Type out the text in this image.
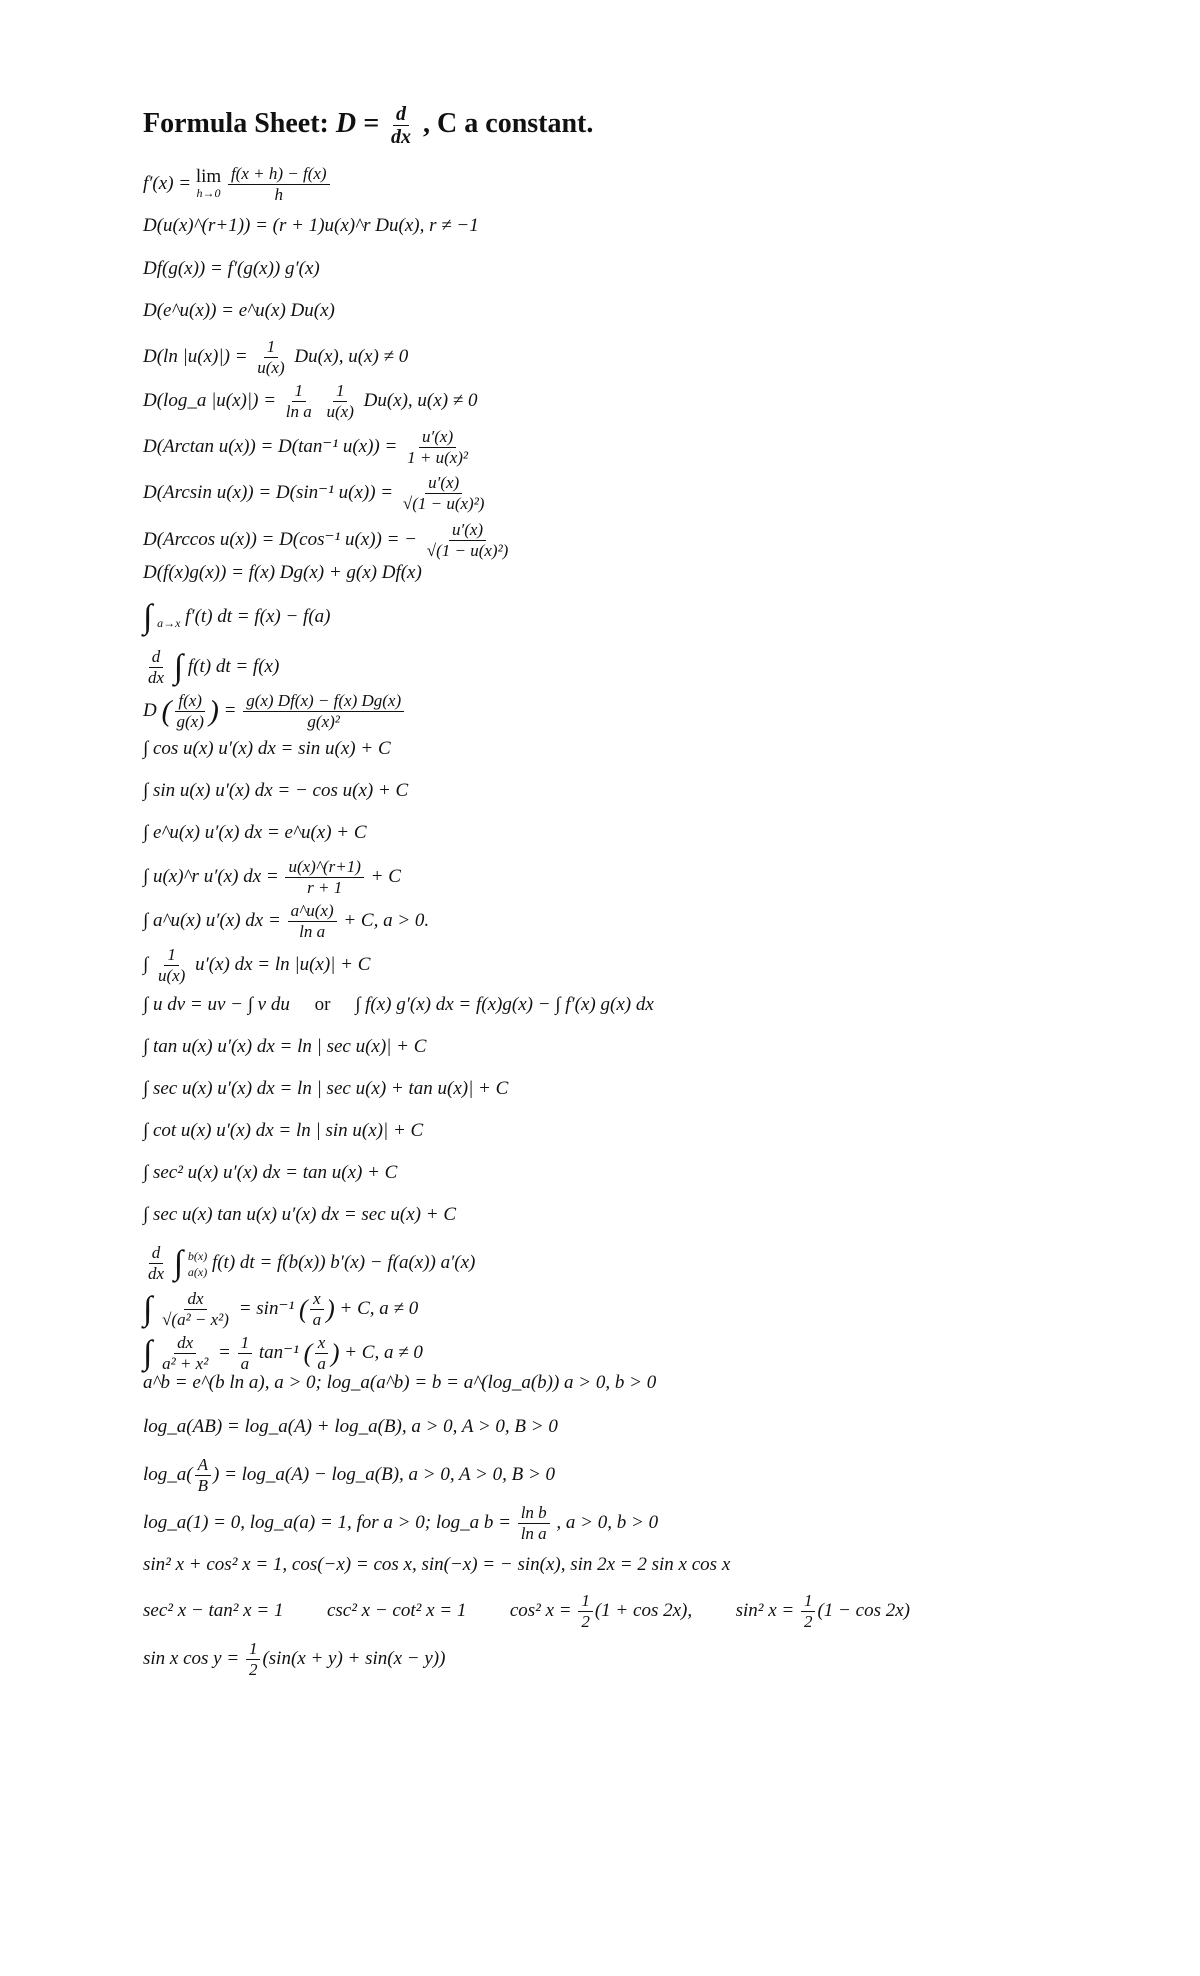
Formula Sheet: $D = \frac{d}{dx}$ , C a constant.
f′(x) = lim
h→0
$\frac{f(x + h) - f(x)}{h}$
D(u(x)^(r+1)) = (r + 1)u(x)^r Du(x), r ≠ −1
Df(g(x)) = f′(g(x)) g′(x)
D(e^u(x)) = e^u(x) Du(x)
D(ln $|u(x)|) = \frac{1}{u(x)} Du(x)$, u(x) ≠ 0
D(log_a $|u(x)|) = \frac{1}{\text{ln a}}$
$\frac{1}{u(x)} Du(x)$, u(x) ≠ 0
D(Arctan u(x)) = D(tan⁻¹ $u(x)) = \frac{u'(x)}{\text{1 + u(x)²}}$
D(Arcsin u(x)) = D(sin⁻¹ $u(x)) = \frac{u'(x)}{\text{√(1 − u(x)²)}}$
D(Arccos u(x)) = D(cos⁻¹ u(x)) = − $\frac{u'(x)}{\text{√(1 − u(x)²)}}$
D(f(x)g(x)) = f(x) Dg(x) + g(x) Df(x)
∫ $_{a\to x}$ f′(t) dt = f(x) − f(a)
$\frac{d}{dx}$ ∫ f(t) dt = f(x)
D ( $\frac{f(x)}{g(x)}$ ) = $\frac{g(x) Df(x) - f(x) Dg(x)}{\text{g(x)²}}$
∫ cos u(x) u′(x) dx = sin u(x) + C
∫ sin u(x) u′(x) dx = − cos u(x) + C
∫ e^u(x) u′(x) dx = e^u(x) + C
∫ u(x)^r u′(x) dx = $\frac{u(x)\^{}(r+1)}{r + 1} + C$
∫ a^u(x) u′(x) dx = $\frac{a\^{}u(x)}{\text{ln a}} + C$, a > 0.
∫ $\frac{1}{u(x)} u'(x)$ dx = ln |u(x)| + C
∫ u dv = uv − ∫ v du or ∫ f(x) g′(x) dx = f(x)g(x) − ∫ f′(x) g(x) dx
∫ tan u(x) u′(x) dx = ln | sec u(x)| + C
∫ sec u(x) u′(x) dx = ln | sec u(x) + tan u(x)| + C
∫ cot u(x) u′(x) dx = ln | sin u(x)| + C
∫ sec² u(x) u′(x) dx = tan u(x) + C
∫ sec u(x) tan u(x) u′(x) dx = sec u(x) + C
$\frac{d}{dx}$ ∫ b(x)
a(x) f(t) dt = f(b(x)) b′(x) − f(a(x)) a′(x)
∫ $\frac{dx}{\text{√(a² − x²)}} = \sin^{-1}$ ( $\frac{x}{a}$ ) + C, a ≠ 0
∫ $\frac{dx}{\text{a² + x²}} = \frac{1}{a} \tan^{-1}$ ( $\frac{x}{a}$ ) + C, a ≠ 0
a^b = e^(b ln a), a > 0; log_a(a^b) = b = a^(log_a(b)) a > 0, b > 0
log_a(AB) = log_a(A) + log_a(B), a > 0, A > 0, B > 0
log_a( $\frac{A}{B}$ ) = log_a(A) − log_a(B), a > 0, A > 0, B > 0
log_a(1) = 0, log_a(a) = 1, for a > 0; log_a $b = \frac{\text{ln b}}{\text{ln a}}$ , a > 0, b > 0
sin² x + cos² x = 1, cos(−x) = cos x, sin(−x) = − sin(x), sin 2x = 2 sin x cos x
sec² x − tan² x = 1 csc² x − cot² x = 1 cos² $x = \frac{1}{2} (1 + \cos 2x)$, sin² $x = \frac{1}{2} (1 - \cos 2x)$
sin x $\cos y = \frac{1}{2} (\sin(x + y) + \sin(x - y))$
